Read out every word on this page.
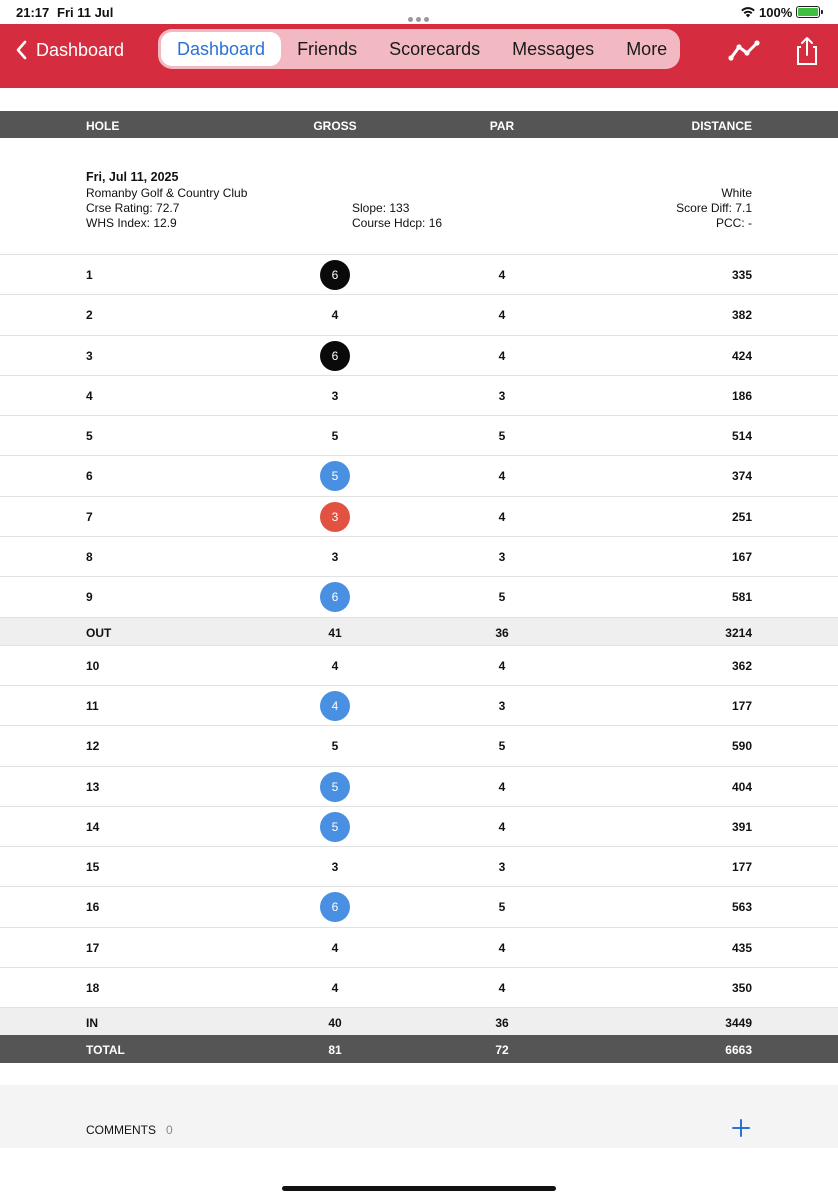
21:17 Fri 11 Jul	100%
Dashboard	Dashboard	Friends	Scorecards	Messages	More
HOLE	GROSS	PAR	DISTANCE
Fri, Jul 11, 2025
Romanby Golf & Country Club
Crse Rating: 72.7
WHS Index: 12.9
Slope: 133
Course Hdcp: 16
White
Score Diff: 7.1
PCC: -
1	6	4	335
2	4	4	382
3	6	4	424
4	3	3	186
5	5	5	514
6	5	4	374
7	3	4	251
8	3	3	167
9	6	5	581
OUT	41	36	3214
10	4	4	362
11	4	3	177
12	5	5	590
13	5	4	404
14	5	4	391
15	3	3	177
16	6	5	563
17	4	4	435
18	4	4	350
IN	40	36	3449
TOTAL	81	72	6663
COMMENTS 0
